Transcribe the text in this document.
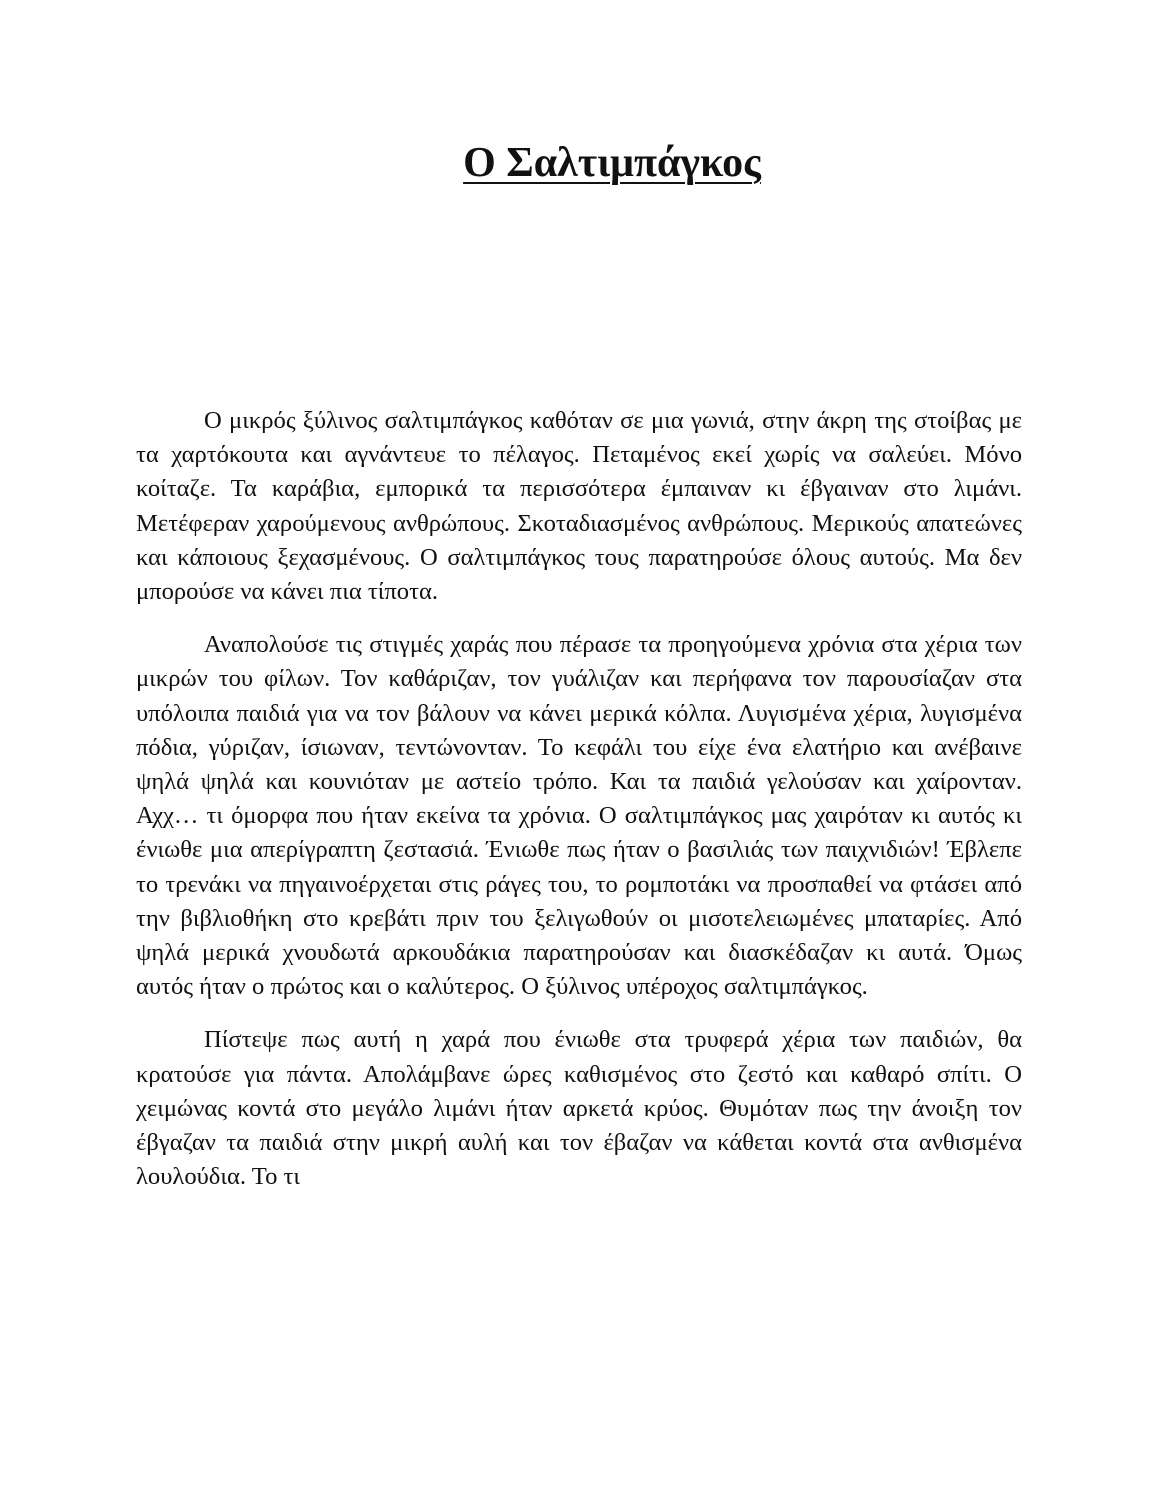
Ο Σαλτιμπάγκος

Ο μικρός ξύλινος σαλτιμπάγκος καθόταν σε μια γωνιά, στην άκρη της στοίβας με τα χαρτόκουτα και αγνάντευε το πέλαγος. Πεταμένος εκεί χωρίς να σαλεύει. Μόνο κοίταζε. Τα καράβια, εμπορικά τα περισσότερα έμπαιναν κι έβγαιναν στο λιμάνι. Μετέφεραν χαρούμενους ανθρώπους. Σκοταδιασμένος ανθρώπους. Μερικούς απατεώνες και κάποιους ξεχασμένους. Ο σαλτιμπάγκος τους παρατηρούσε όλους αυτούς. Μα δεν μπορούσε να κάνει πια τίποτα.

Αναπολούσε τις στιγμές χαράς που πέρασε τα προηγούμενα χρόνια στα χέρια των μικρών του φίλων. Τον καθάριζαν, τον γυάλιζαν και περήφανα τον παρουσίαζαν στα υπόλοιπα παιδιά για να τον βάλουν να κάνει μερικά κόλπα. Λυγισμένα χέρια, λυγισμένα πόδια, γύριζαν, ίσιωναν, τεντώνονταν. Το κεφάλι του είχε ένα ελατήριο και ανέβαινε ψηλά ψηλά και κουνιόταν με αστείο τρόπο. Και τα παιδιά γελούσαν και χαίρονταν. Αχχ… τι όμορφα που ήταν εκείνα τα χρόνια. Ο σαλτιμπάγκος μας χαιρόταν κι αυτός κι ένιωθε μια απερίγραπτη ζεστασιά. Ένιωθε πως ήταν ο βασιλιάς των παιχνιδιών! Έβλεπε το τρενάκι να πηγαινοέρχεται στις ράγες του, το ρομποτάκι να προσπαθεί να φτάσει από την βιβλιοθήκη στο κρεβάτι πριν του ξελιγωθούν οι μισοτελειωμένες μπαταρίες. Από ψηλά μερικά χνουδωτά αρκουδάκια παρατηρούσαν και διασκέδαζαν κι αυτά. Όμως αυτός ήταν ο πρώτος και ο καλύτερος. Ο ξύλινος υπέροχος σαλτιμπάγκος.

Πίστεψε πως αυτή η χαρά που ένιωθε στα τρυφερά χέρια των παιδιών, θα κρατούσε για πάντα. Απολάμβανε ώρες καθισμένος στο ζεστό και καθαρό σπίτι. Ο χειμώνας κοντά στο μεγάλο λιμάνι ήταν αρκετά κρύος. Θυμόταν πως την άνοιξη τον έβγαζαν τα παιδιά στην μικρή αυλή και τον έβαζαν να κάθεται κοντά στα ανθισμένα λουλούδια. Το τι
